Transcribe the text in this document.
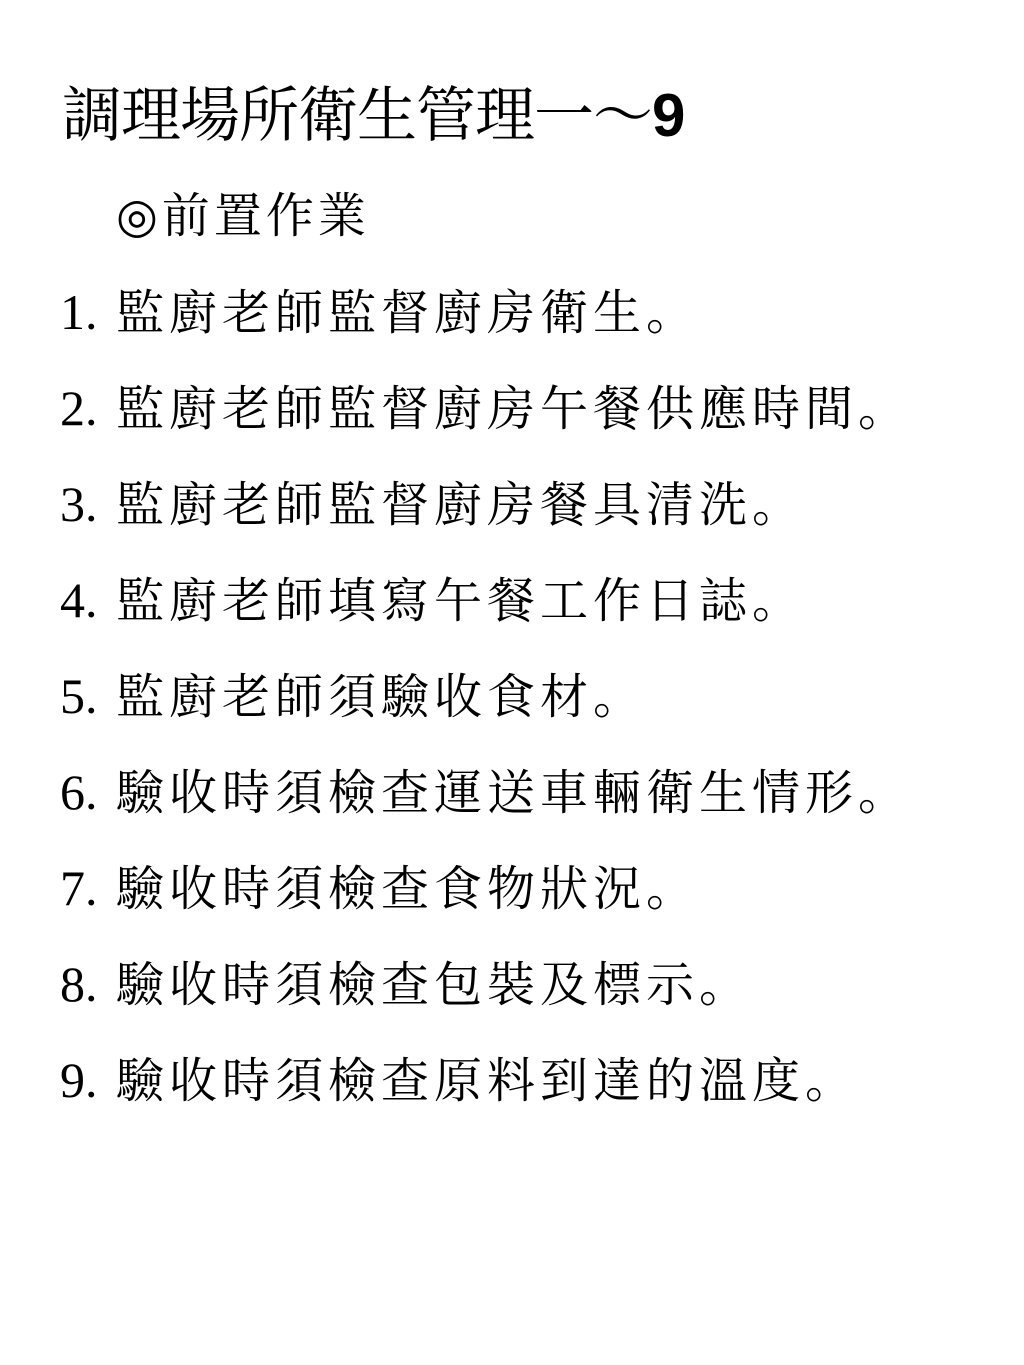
調理場所衛生管理一～9
◎前置作業
1. 監廚老師監督廚房衛生。
2. 監廚老師監督廚房午餐供應時間。
3. 監廚老師監督廚房餐具清洗。
4. 監廚老師填寫午餐工作日誌。
5. 監廚老師須驗收食材。
6. 驗收時須檢查運送車輛衛生情形。
7. 驗收時須檢查食物狀況。
8. 驗收時須檢查包裝及標示。
9. 驗收時須檢查原料到達的溫度。
